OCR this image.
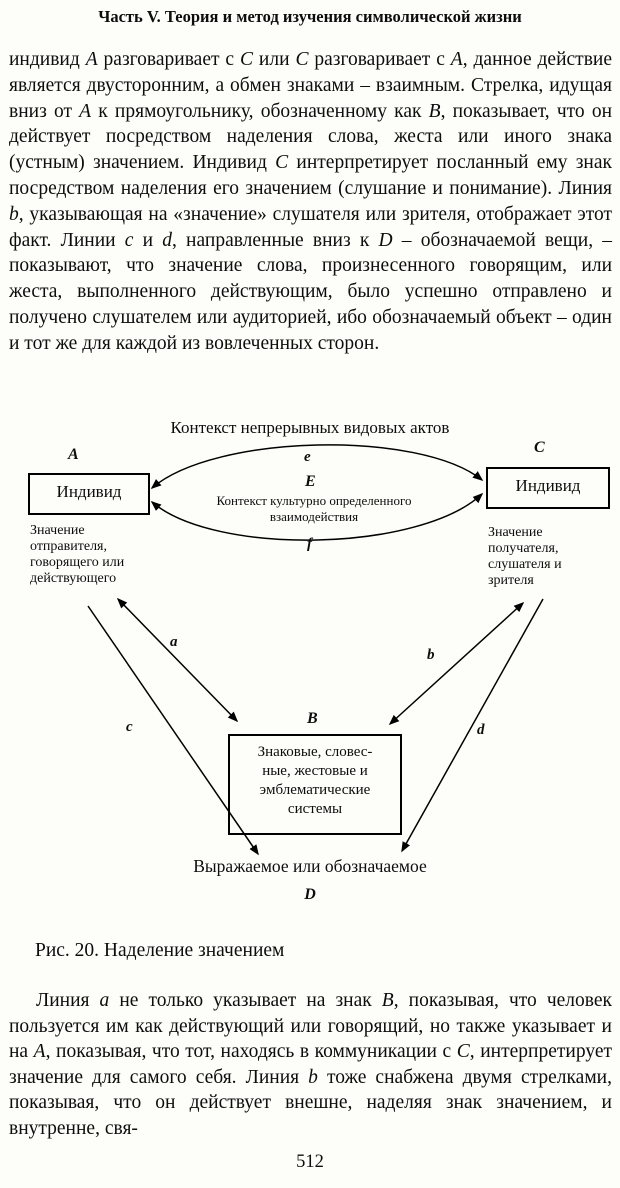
Часть V. Теория и метод изучения символической жизни
индивид A разговаривает с C или C разговаривает с A, данное действие является двусторонним, а обмен знаками – взаимным. Стрелка, идущая вниз от A к прямоугольнику, обозначенному как B, показывает, что он действует посредством наделения слова, жеста или иного знака (устным) значением. Индивид C интерпретирует посланный ему знак посредством наделения его значением (слушание и понимание). Линия b, указывающая на «значение» слушателя или зрителя, отображает этот факт. Линии c и d, направленные вниз к D – обозначаемой вещи, – показывают, что значение слова, произнесенного говорящим, или жеста, выполненного действующим, было успешно отправлено и получено слушателем или аудиторией, ибо обозначаемый объект – один и тот же для каждой из вовлеченных сторон.
Контекст непрерывных видовых актов
A
Индивид
C
Индивид
e
E
Контекст культурно определенного
взаимодействия
f
Значение
отправителя,
говорящего или
действующего
Значение
получателя,
слушателя и
зрителя
a
b
c	d
B
Знаковые, словес-
ные, жестовые и
эмблематические
системы
Выражаемое или обозначаемое
D
Рис. 20. Наделение значением
Линия a не только указывает на знак B, показывая, что человек пользуется им как действующий или говорящий, но также указывает и на A, показывая, что тот, находясь в коммуникации с C, интерпретирует значение для самого себя. Линия b тоже снабжена двумя стрелками, показывая, что он действует внешне, наделяя знак значением, и внутренне, свя-
512
